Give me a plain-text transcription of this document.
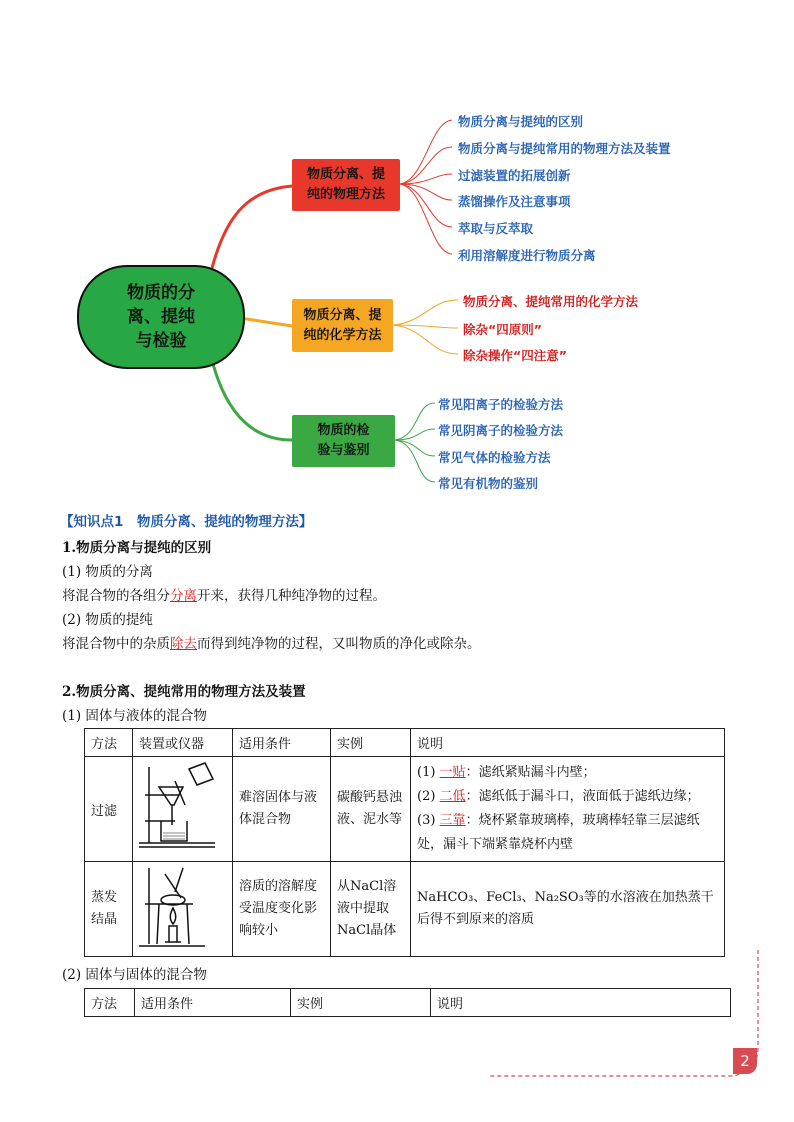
物质的分
离、提纯
与检验
物质分离、提
纯的物理方法
物质分离、提
纯的化学方法
物质的检
验与鉴别
物质分离与提纯的区别
物质分离与提纯常用的物理方法及装置
过滤装置的拓展创新
蒸馏操作及注意事项
萃取与反萃取
利用溶解度进行物质分离
物质分离、提纯常用的化学方法
除杂“四原则”
除杂操作“四注意”
常见阳离子的检验方法
常见阴离子的检验方法
常见气体的检验方法
常见有机物的鉴别
【知识点1　物质分离、提纯的物理方法】
1.物质分离与提纯的区别
(1) 物质的分离
将混合物的各组分分离开来，获得几种纯净物的过程。
(2) 物质的提纯
将混合物中的杂质除去而得到纯净物的过程，又叫物质的净化或除杂。
2.物质分离、提纯常用的物理方法及装置
(1) 固体与液体的混合物
方法	装置或仪器	适用条件	实例	说明
过滤		难溶固体与液体混合物	碳酸钙悬浊液、泥水等	(1) 一贴：滤纸紧贴漏斗内壁；
(2) 二低：滤纸低于漏斗口，液面低于滤纸边缘；
(3) 三靠：烧杯紧靠玻璃棒，玻璃棒轻靠三层滤纸处，漏斗下端紧靠烧杯内壁

蒸发结晶		溶质的溶解度受温度变化影响较小	从NaCl溶液中提取NaCl晶体	NaHCO₃、FeCl₃、Na₂SO₃等的水溶液在加热蒸干后得不到原来的溶质
(2) 固体与固体的混合物
方法	适用条件	实例	说明
2
